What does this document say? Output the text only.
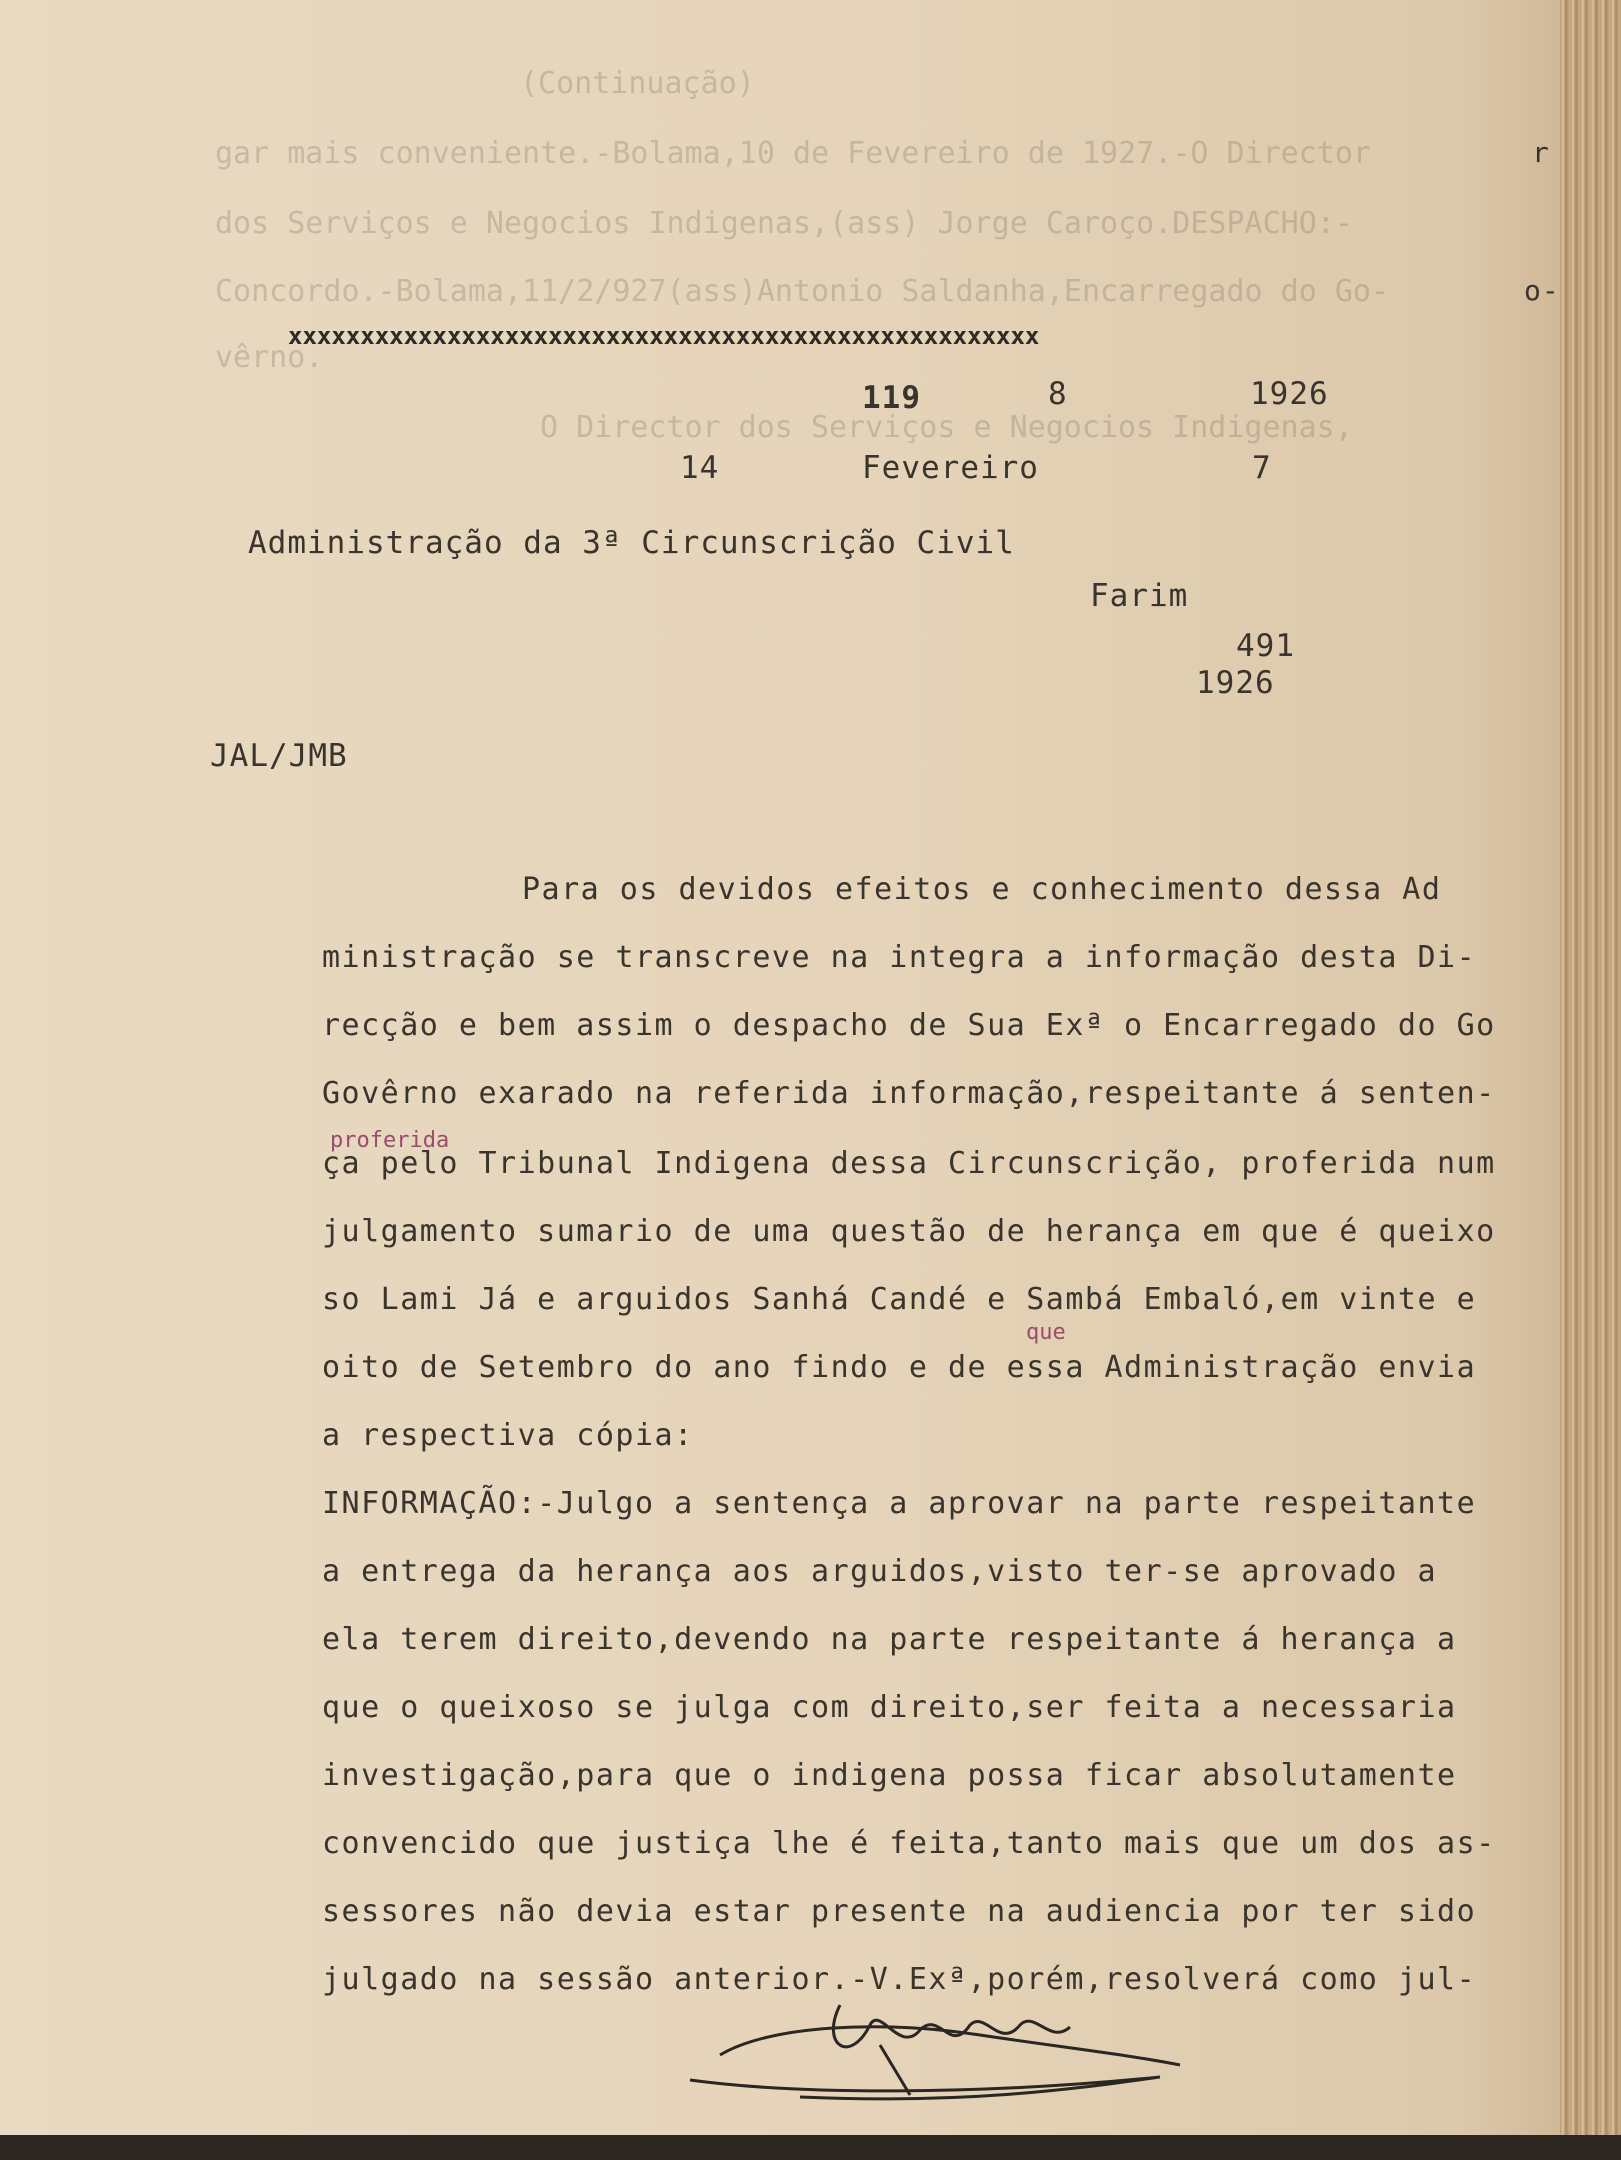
(Continuação)
gar mais conveniente.-Bolama,10 de Fevereiro de 1927.-O Director
dos Serviços e Negocios Indigenas,(ass) Jorge Caroço.DESPACHO:-
Concordo.-Bolama,11/2/927(ass)Antonio Saldanha,Encarregado do Go-
vêrno.
O Director dos Serviços e Negocios Indigenas,
r
o-
xxxxxxxxxxxxxxxxxxxxxxxxxxxxxxxxxxxxxxxxxxxxxxxxxxxx
119	8	1926
14	Fevereiro	7
Administração da 3ª Circunscrição Civil
Farim
491
1926
JAL/JMB
Para os devidos efeitos e conhecimento dessa Ad
ministração se transcreve na integra a informação desta Di-
recção e bem assim o despacho de Sua Exª o Encarregado do Go
Govêrno exarado na referida informação,respeitante á senten-
proferida
ça pelo Tribunal Indigena dessa Circunscrição, proferida num
julgamento sumario de uma questão de herança em que é queixo
so Lami Já e arguidos Sanhá Candé e Sambá Embaló,em vinte e
que
oito de Setembro do ano findo e de essa Administração envia
a respectiva cópia:
INFORMAÇÃO:-Julgo a sentença a aprovar na parte respeitante
a entrega da herança aos arguidos,visto ter-se aprovado a
ela terem direito,devendo na parte respeitante á herança a
que o queixoso se julga com direito,ser feita a necessaria
investigação,para que o indigena possa ficar absolutamente
convencido que justiça lhe é feita,tanto mais que um dos as-
sessores não devia estar presente na audiencia por ter sido
julgado na sessão anterior.-V.Exª,porém,resolverá como jul-
